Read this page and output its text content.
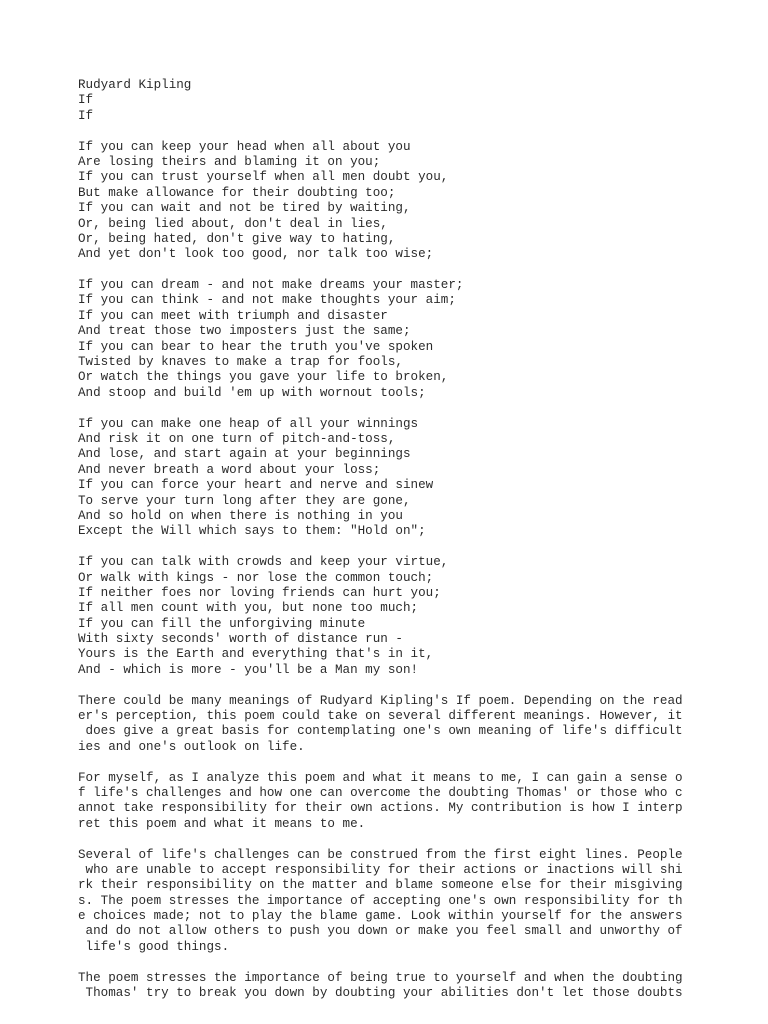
Rudyard Kipling
If
If
If you can keep your head when all about you
Are losing theirs and blaming it on you;
If you can trust yourself when all men doubt you,
But make allowance for their doubting too;
If you can wait and not be tired by waiting,
Or, being lied about, don't deal in lies,
Or, being hated, don't give way to hating,
And yet don't look too good, nor talk too wise;
If you can dream - and not make dreams your master;
If you can think - and not make thoughts your aim;
If you can meet with triumph and disaster
And treat those two imposters just the same;
If you can bear to hear the truth you've spoken
Twisted by knaves to make a trap for fools,
Or watch the things you gave your life to broken,
And stoop and build 'em up with wornout tools;
If you can make one heap of all your winnings
And risk it on one turn of pitch-and-toss,
And lose, and start again at your beginnings
And never breath a word about your loss;
If you can force your heart and nerve and sinew
To serve your turn long after they are gone,
And so hold on when there is nothing in you
Except the Will which says to them: "Hold on";
If you can talk with crowds and keep your virtue,
Or walk with kings - nor lose the common touch;
If neither foes nor loving friends can hurt you;
If all men count with you, but none too much;
If you can fill the unforgiving minute
With sixty seconds' worth of distance run -
Yours is the Earth and everything that's in it,
And - which is more - you'll be a Man my son!
There could be many meanings of Rudyard Kipling's If poem. Depending on the read
er's perception, this poem could take on several different meanings. However, it
does give a great basis for contemplating one's own meaning of life's difficult
ies and one's outlook on life.
For myself, as I analyze this poem and what it means to me, I can gain a sense o
f life's challenges and how one can overcome the doubting Thomas' or those who c
annot take responsibility for their own actions. My contribution is how I interp
ret this poem and what it means to me.
Several of life's challenges can be construed from the first eight lines. People
who are unable to accept responsibility for their actions or inactions will shi
rk their responsibility on the matter and blame someone else for their misgiving
s. The poem stresses the importance of accepting one's own responsibility for th
e choices made; not to play the blame game. Look within yourself for the answers
and do not allow others to push you down or make you feel small and unworthy of
life's good things.
The poem stresses the importance of being true to yourself and when the doubting
Thomas' try to break you down by doubting your abilities don't let those doubts
